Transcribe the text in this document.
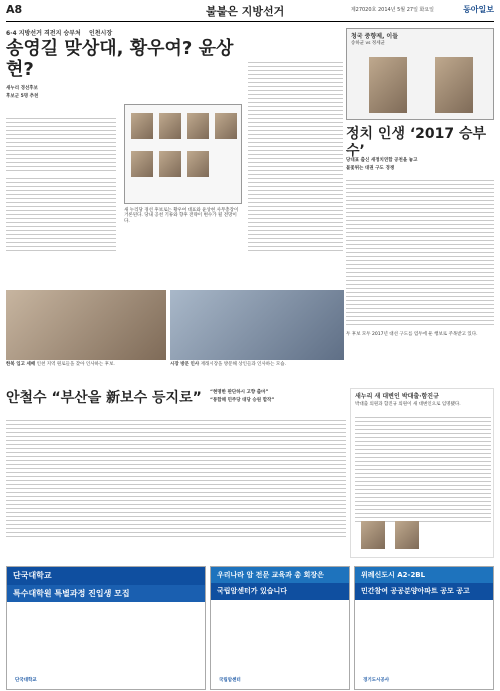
A8	불붙은 지방선거	제27020호 2014년 5월 27일 화요일	동아일보
6·4 지방선거 격전지 승부처 인천시장
송영길 맞상대, 황우여? 윤상현?
새누리 경선후보
후보군 5명 추천
새 누리당 경선 후보로는 황우여 대표와 윤상현 사무총장이 거론된다. 당내 공천 기류와 향후 전략이 변수가 될 전망이다.
청국 중향제, 이들
송하균 vs 정세균
정치 인생 ‘2017 승부수’
당대표 출신 새정치연합 공천을 놓고
불꽃튀는 대권 구도 경쟁
두 후보 모두 2017년 대선 구도를 염두에 둔 행보로 주목받고 있다.
한복 입고 세배 인천 지역 원로들을 찾아 인사하는 후보.	시장 방문 인사 재래시장을 방문해 상인들과 인사하는 모습.
안철수 “부산을 新보수 등지로”	“현명한 판단하시 고향 출마”
“통합해 민주당 대당 승원 합작”
새누리 새 대변인 박대출·함진규
박대출 의원과 함진규 의원이 새 대변인으로 임명됐다.
단국대학교
특수대학원 특별과정 진입생 모집
단국대학교
우리나라 암 전문 교육과 총 회장은
국립암센터가 있습니다
국립암센터
위례신도시 A2-2BL
민간참여 공공분양아파트 공모 공고
경기도시공사
